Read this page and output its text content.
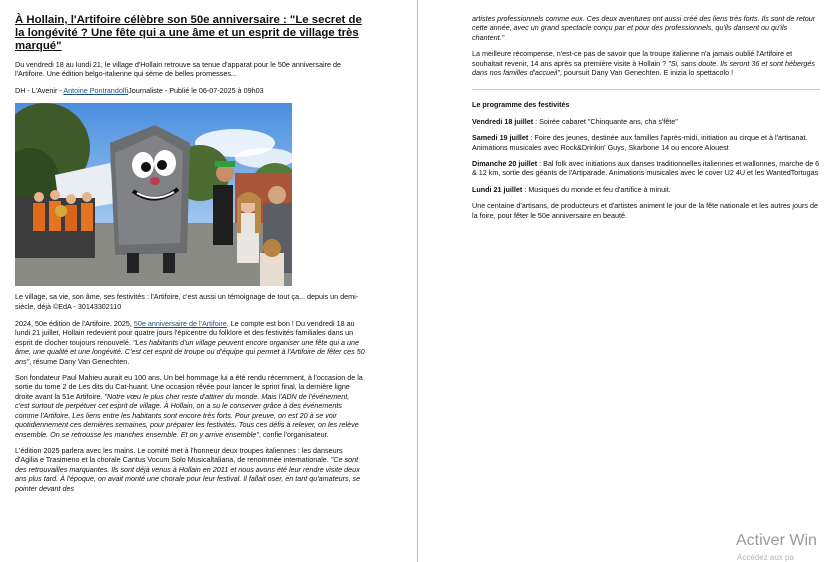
À Hollain, l'Artifoire célèbre son 50e anniversaire : "Le secret de la longévité ? Une fête qui a une âme et un esprit de village très marqué"

Du vendredi 18 au lundi 21, le village d'Hollain retrouve sa tenue d'apparat pour le 50e anniversaire de l'Artifoire. Une édition belgo-italienne qui sème de belles promesses...

DH - L'Avenir - Antoine PontrandolfiJournaliste - Publié le 06-07-2025 à 09h03

Le village, sa vie, son âme, ses festivités : l'Artifoire, c'est aussi un témoignage de tout ça... depuis un demi-siècle, déjà ©EdA - 30143302110

2024, 50e édition de l'Artifoire. 2025, 50e anniversaire de l'Artifoire. Le compte est bon ! Du vendredi 18 au lundi 21 juillet, Hollain redevient pour quatre jours l'épicentre du folklore et des festivités familiales dans un esprit de clocher toujours renouvelé. "Les habitants d'un village peuvent encore organiser une fête qui a une âme, une qualité et une longévité. C'est cet esprit de troupe ou d'équipe qui permet à l'Artifoire de fêter ces 50 ans", résume Dany Van Genechten.

Son fondateur Paul Mahieu aurait eu 100 ans. Un bel hommage lui a été rendu récemment, à l'occasion de la sortie du tome 2 de Les dits du Cat-huant. Une occasion rêvée pour lancer le sprint final, la dernière ligne droite avant la 51e Artifoire. "Notre vœu le plus cher reste d'attirer du monde. Mais l'ADN de l'événement, c'est surtout de perpétuer cet esprit de village. À Hollain, on a su le conserver grâce à des événements comme l'Artifoire. Les liens entre les habitants sont encore très forts. Pour preuve, on est 20 à se voir quotidiennement ces dernières semaines, pour préparer les festivités. Tous ces défis à relever, on les relève ensemble. On se retrousse les manches ensemble. Et on y arrive ensemble", confie l'organisateur.

L'édition 2025 parlera avec les mains. Le comité met à l'honneur deux troupes italiennes : les danseurs d'Agilia e Trasimeno et la chorale Cantus Vocum Solo Musicaltaliana, de renommée internationale. "Ce sont des retrouvailles marquantes. Ils sont déjà venus à Hollain en 2011 et nous avons été leur rendre visite deux ans plus tard. À l'époque, on avait monté une chorale pour leur festival. Il fallait oser, en tant qu'amateurs, se pointer devant des

artistes professionnels comme eux. Ces deux aventures ont aussi créé des liens très forts. Ils sont de retour cette année, avec un grand spectacle conçu par et pour des professionnels, qu'ils dansent ou qu'ils chantent."

La meilleure récompense, n'est-ce pas de savoir que la troupe italienne n'a jamais oublié l'Artifoire et souhaitait revenir, 14 ans après sa première visite à Hollain ? "Si, sans doute. Ils seront 36 et sont hébergés dans nos familles d'accueil", poursuit Dany Van Genechten. E inizia lo spettacolo !

Le programme des festivités

Vendredi 18 juillet : Soirée cabaret "Chinquante ans, cha s'fête"

Samedi 19 juillet : Foire des jeunes, destinée aux familles l'après-midi, initiation au cirque et à l'artisanat. Animations musicales avec Rock&Drinkin' Guys, Skarbone 14 ou encore Alouest

Dimanche 20 juillet : Bal folk avec initiations aux danses traditionnelles italiennes et wallonnes, marche de 6 & 12 km, sortie des géants de l'Artiparade. Animations musicales avec le cover U2 4U et les WantedTortugas

Lundi 21 juillet : Musiques du monde et feu d'artifice à minuit.

Une centaine d'artisans, de producteurs et d'artistes animent le jour de la fête nationale et les autres jours de la foire, pour fêter le 50e anniversaire en beauté.

Activer Win
Accédez aux pa
